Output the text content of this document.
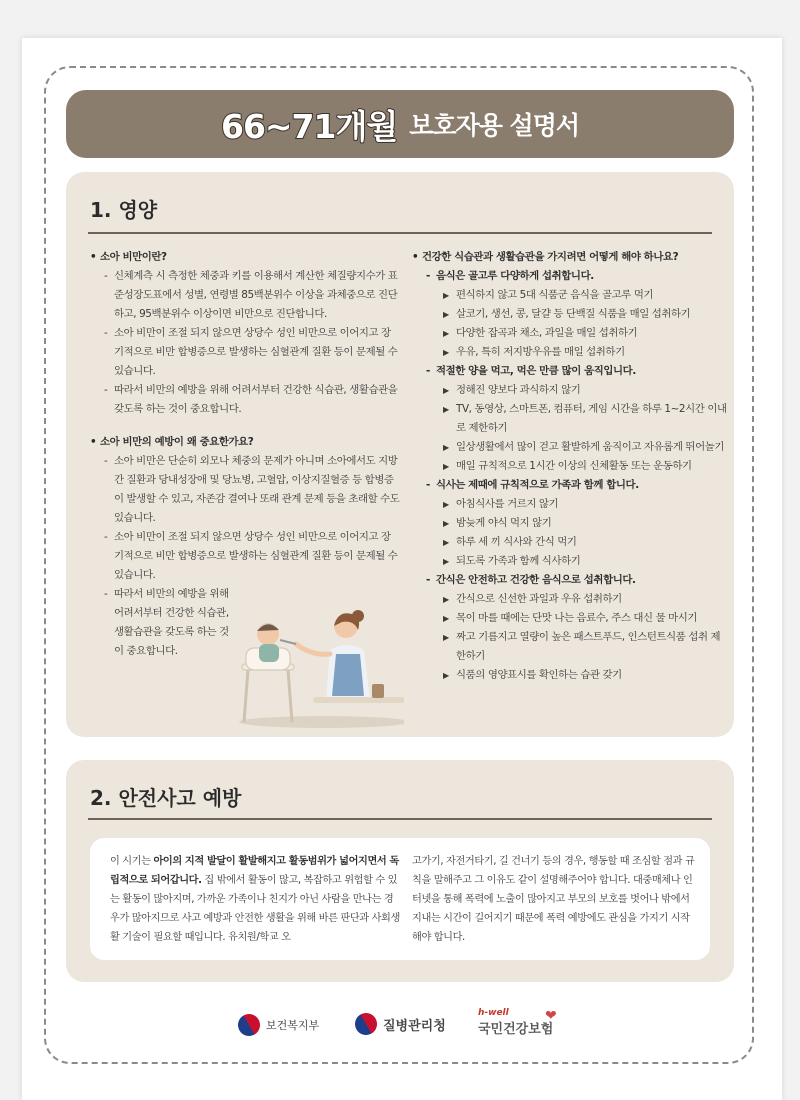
66~71개월 보호자용 설명서
1. 영양
• 소아 비만이란?
- 신체계측 시 측정한 체중과 키를 이용해서 계산한 체질량지수가 표준성장도표에서 성별, 연령별 85백분위수 이상을 과체중으로 진단하고, 95백분위수 이상이면 비만으로 진단합니다.
- 소아 비만이 조절 되지 않으면 상당수 성인 비만으로 이어지고 장기적으로 비만 합병증으로 발생하는 심혈관계 질환 등이 문제될 수 있습니다.
- 따라서 비만의 예방을 위해 어려서부터 건강한 식습관, 생활습관을 갖도록 하는 것이 중요합니다.
• 소아 비만의 예방이 왜 중요한가요?
- 소아 비만은 단순히 외모나 체중의 문제가 아니며 소아에서도 지방간 질환과 당내성장애 및 당뇨병, 고혈압, 이상지질혈증 등 합병증이 발생할 수 있고, 자존감 결여나 또래 관계 문제 등을 초래할 수도 있습니다.
- 소아 비만이 조절 되지 않으면 상당수 성인 비만으로 이어지고 장기적으로 비만 합병증으로 발생하는 심혈관계 질환 등이 문제될 수 있습니다.
- 따라서 비만의 예방을 위해 어려서부터 건강한 식습관, 생활습관을 갖도록 하는 것이 중요합니다.
• 건강한 식습관과 생활습관을 가지려면 어떻게 해야 하나요?
- 음식은 골고루 다양하게 섭취합니다.
▶ 편식하지 않고 5대 식품군 음식을 골고루 먹기
▶ 살코기, 생선, 콩, 달걀 등 단백질 식품을 매일 섭취하기
▶ 다양한 잡곡과 채소, 과일을 매일 섭취하기
▶ 우유, 특히 저지방우유를 매일 섭취하기
- 적절한 양을 먹고, 먹은 만큼 많이 움직입니다.
▶ 정해진 양보다 과식하지 않기
▶ TV, 동영상, 스마트폰, 컴퓨터, 게임 시간을 하루 1~2시간 이내로 제한하기
▶ 일상생활에서 많이 걷고 활발하게 움직이고 자유롭게 뛰어놀기
▶ 매일 규칙적으로 1시간 이상의 신체활동 또는 운동하기
- 식사는 제때에 규칙적으로 가족과 함께 합니다.
▶ 아침식사를 거르지 않기
▶ 밤늦게 야식 먹지 않기
▶ 하루 세 끼 식사와 간식 먹기
▶ 되도록 가족과 함께 식사하기
- 간식은 안전하고 건강한 음식으로 섭취합니다.
▶ 간식으로 신선한 과일과 우유 섭취하기
▶ 목이 마를 때에는 단맛 나는 음료수, 주스 대신 물 마시기
▶ 짜고 기름지고 열량이 높은 패스트푸드, 인스턴트식품 섭취 제한하기
▶ 식품의 영양표시를 확인하는 습관 갖기
2. 안전사고 예방
이 시기는 아이의 지적 발달이 활발해지고 활동범위가 넓어지면서 독립적으로 되어갑니다. 집 밖에서 활동이 많고, 복잡하고 위험할 수 있는 활동이 많아지며, 가까운 가족이나 친지가 아닌 사람을 만나는 경우가 많아지므로 사고 예방과 안전한 생활을 위해 바른 판단과 사회생활 기술이 필요할 때입니다. 유치원/학교 오
고가기, 자전거타기, 길 건너기 등의 경우, 행동할 때 조심할 점과 규칙을 말해주고 그 이유도 같이 설명해주어야 합니다. 대중매체나 인터넷을 통해 폭력에 노출이 많아지고 부모의 보호를 벗어나 밖에서 지내는 시간이 길어지기 때문에 폭력 예방에도 관심을 가지기 시작해야 합니다.
보건복지부	질병관리청
h-well
국민건강보험
❤
